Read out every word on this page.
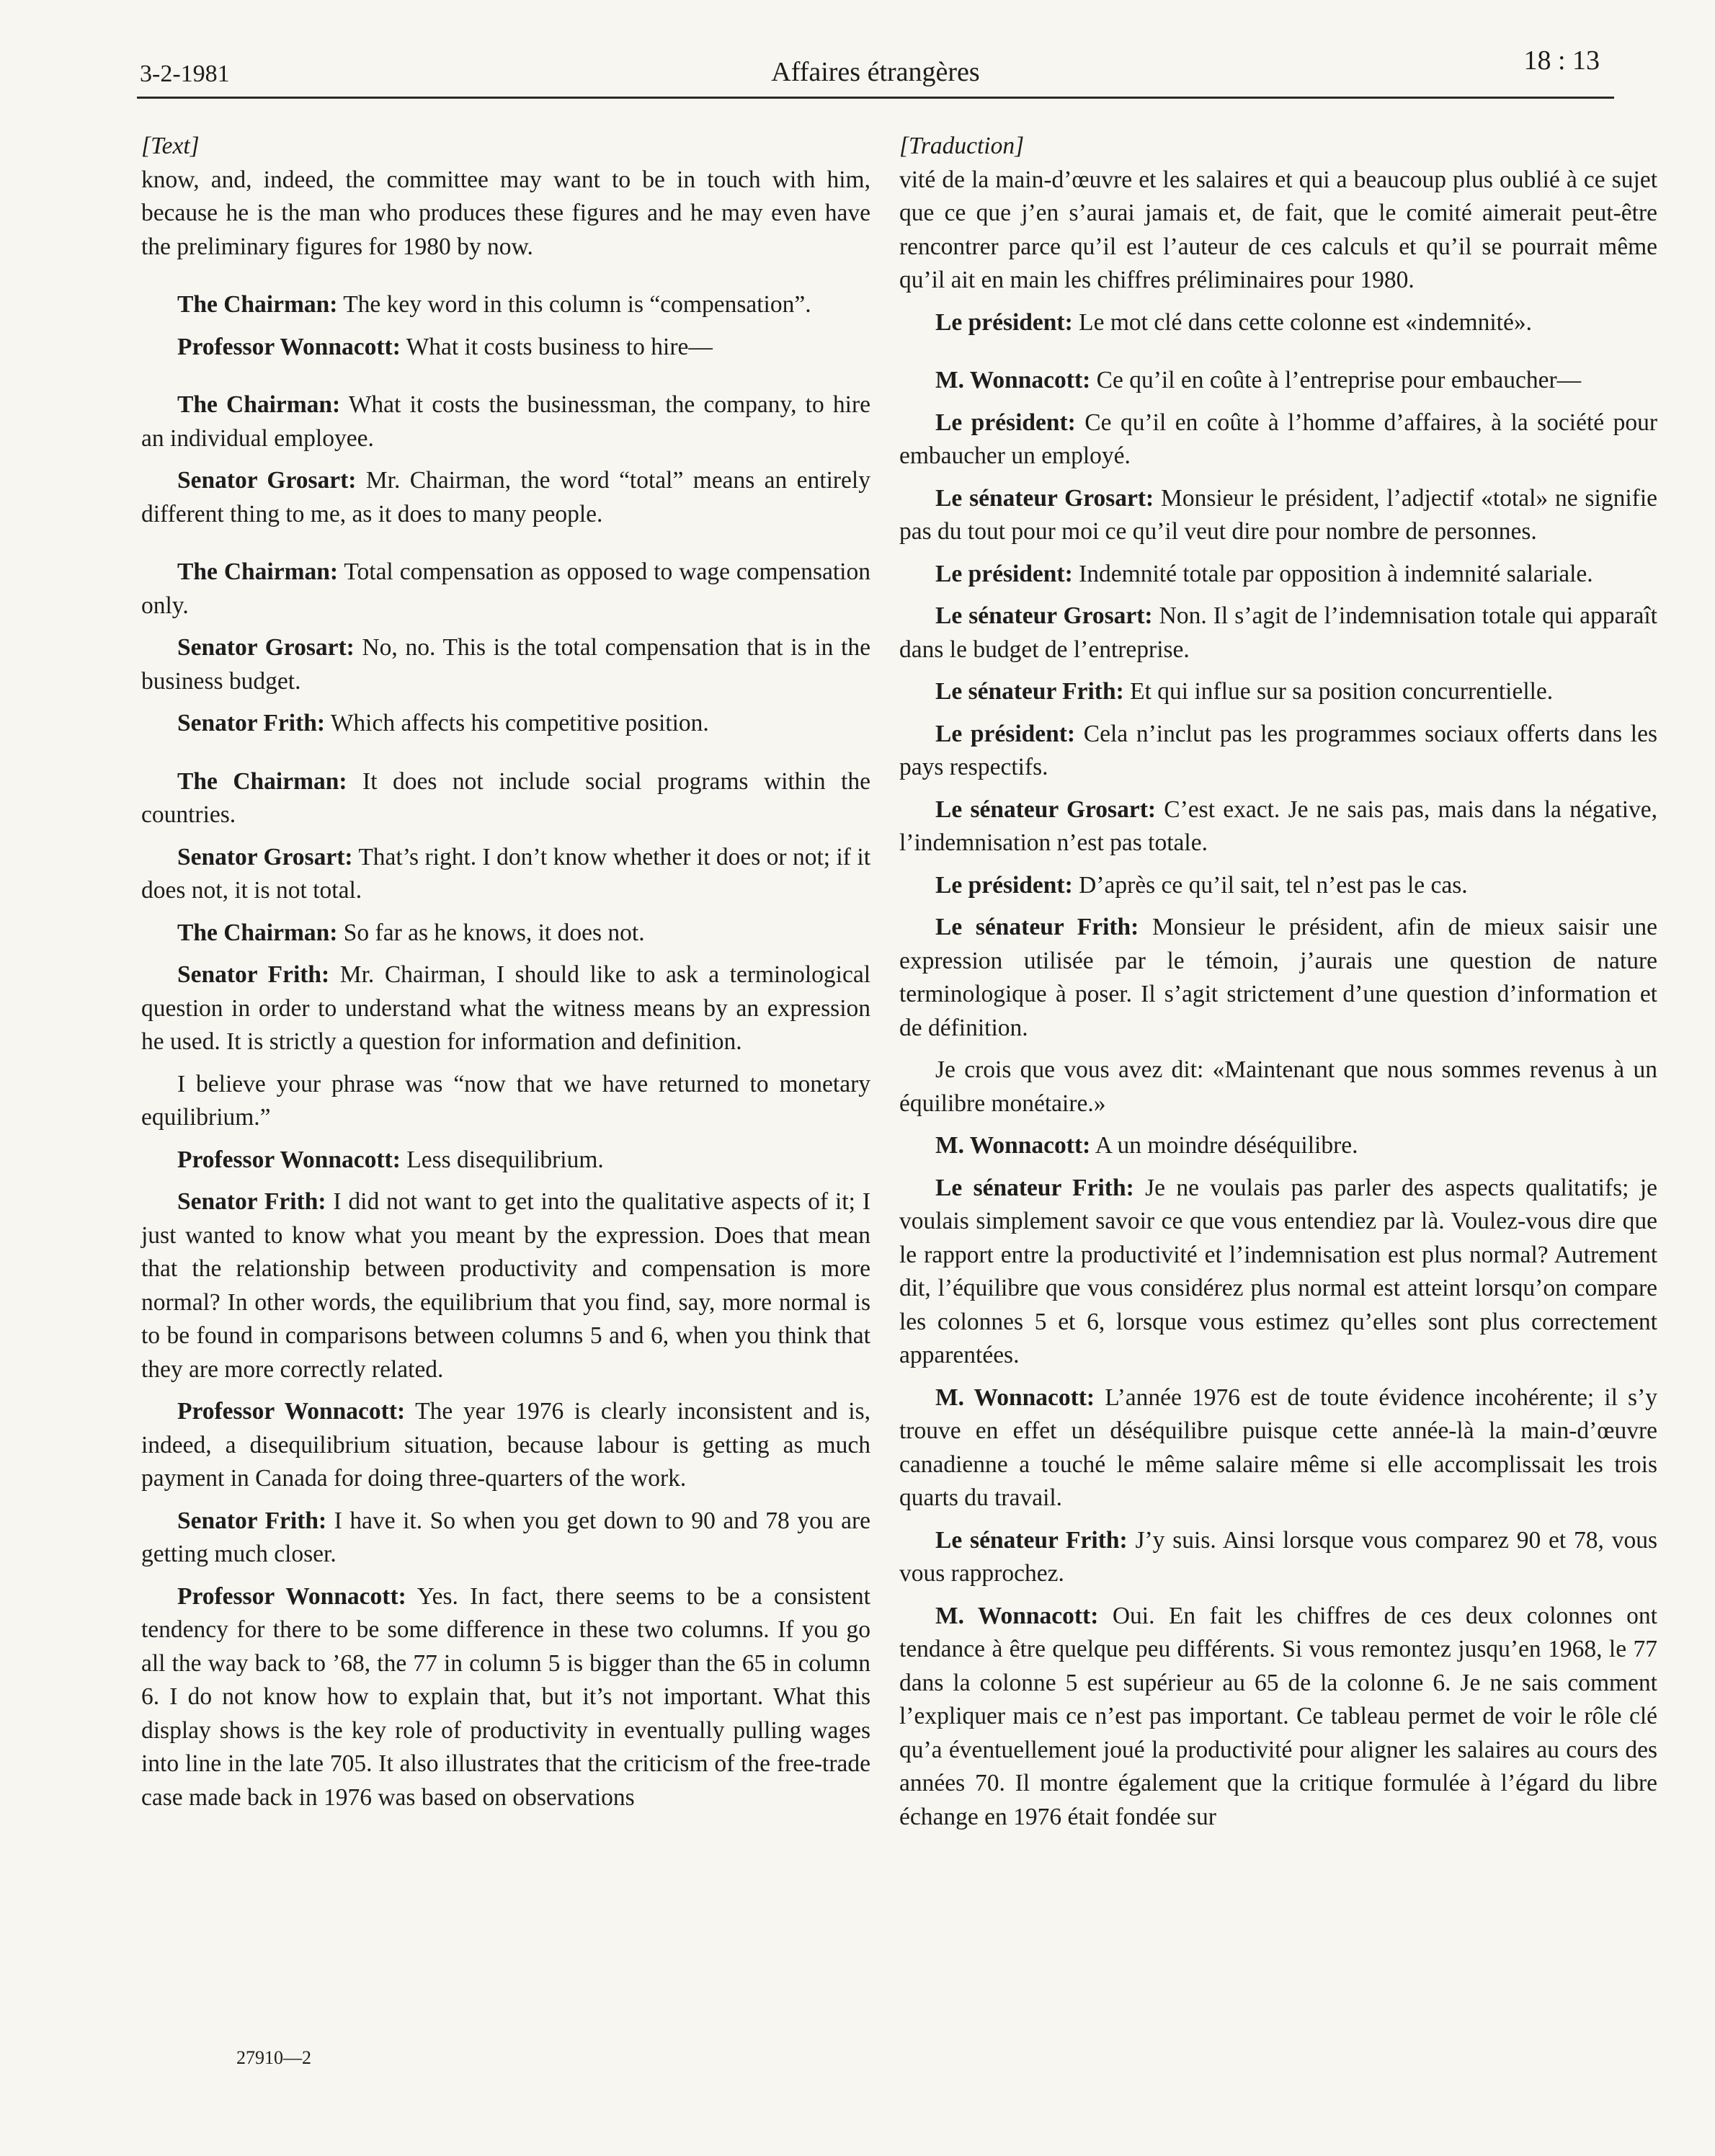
3-2-1981	Affaires étrangères	18 : 13

[Text]

know, and, indeed, the committee may want to be in touch with him, because he is the man who produces these figures and he may even have the preliminary figures for 1980 by now.

The Chairman: The key word in this column is “compensation”.

Professor Wonnacott: What it costs business to hire—

The Chairman: What it costs the businessman, the company, to hire an individual employee.

Senator Grosart: Mr. Chairman, the word “total” means an entirely different thing to me, as it does to many people.

The Chairman: Total compensation as opposed to wage compensation only.

Senator Grosart: No, no. This is the total compensation that is in the business budget.

Senator Frith: Which affects his competitive position.

The Chairman: It does not include social programs within the countries.

Senator Grosart: That’s right. I don’t know whether it does or not; if it does not, it is not total.

The Chairman: So far as he knows, it does not.

Senator Frith: Mr. Chairman, I should like to ask a terminological question in order to understand what the witness means by an expression he used. It is strictly a question for information and definition.

I believe your phrase was “now that we have returned to monetary equilibrium.”

Professor Wonnacott: Less disequilibrium.

Senator Frith: I did not want to get into the qualitative aspects of it; I just wanted to know what you meant by the expression. Does that mean that the relationship between productivity and compensation is more normal? In other words, the equilibrium that you find, say, more normal is to be found in comparisons between columns 5 and 6, when you think that they are more correctly related.

Professor Wonnacott: The year 1976 is clearly inconsistent and is, indeed, a disequilibrium situation, because labour is getting as much payment in Canada for doing three-quarters of the work.

Senator Frith: I have it. So when you get down to 90 and 78 you are getting much closer.

Professor Wonnacott: Yes. In fact, there seems to be a consistent tendency for there to be some difference in these two columns. If you go all the way back to ’68, the 77 in column 5 is bigger than the 65 in column 6. I do not know how to explain that, but it’s not important. What this display shows is the key role of productivity in eventually pulling wages into line in the late 705. It also illustrates that the criticism of the free-trade case made back in 1976 was based on observations

[Traduction]

vité de la main-d’œuvre et les salaires et qui a beaucoup plus oublié à ce sujet que ce que j’en s’aurai jamais et, de fait, que le comité aimerait peut-être rencontrer parce qu’il est l’auteur de ces calculs et qu’il se pourrait même qu’il ait en main les chiffres préliminaires pour 1980.

Le président: Le mot clé dans cette colonne est «indemnité».

M. Wonnacott: Ce qu’il en coûte à l’entreprise pour embaucher—

Le président: Ce qu’il en coûte à l’homme d’affaires, à la société pour embaucher un employé.

Le sénateur Grosart: Monsieur le président, l’adjectif «total» ne signifie pas du tout pour moi ce qu’il veut dire pour nombre de personnes.

Le président: Indemnité totale par opposition à indemnité salariale.

Le sénateur Grosart: Non. Il s’agit de l’indemnisation totale qui apparaît dans le budget de l’entreprise.

Le sénateur Frith: Et qui influe sur sa position concurrentielle.

Le président: Cela n’inclut pas les programmes sociaux offerts dans les pays respectifs.

Le sénateur Grosart: C’est exact. Je ne sais pas, mais dans la négative, l’indemnisation n’est pas totale.

Le président: D’après ce qu’il sait, tel n’est pas le cas.

Le sénateur Frith: Monsieur le président, afin de mieux saisir une expression utilisée par le témoin, j’aurais une question de nature terminologique à poser. Il s’agit strictement d’une question d’information et de définition.

Je crois que vous avez dit: «Maintenant que nous sommes revenus à un équilibre monétaire.»

M. Wonnacott: A un moindre déséquilibre.

Le sénateur Frith: Je ne voulais pas parler des aspects qualitatifs; je voulais simplement savoir ce que vous entendiez par là. Voulez-vous dire que le rapport entre la productivité et l’indemnisation est plus normal? Autrement dit, l’équilibre que vous considérez plus normal est atteint lorsqu’on compare les colonnes 5 et 6, lorsque vous estimez qu’elles sont plus correctement apparentées.

M. Wonnacott: L’année 1976 est de toute évidence incohérente; il s’y trouve en effet un déséquilibre puisque cette année-là la main-d’œuvre canadienne a touché le même salaire même si elle accomplissait les trois quarts du travail.

Le sénateur Frith: J’y suis. Ainsi lorsque vous comparez 90 et 78, vous vous rapprochez.

M. Wonnacott: Oui. En fait les chiffres de ces deux colonnes ont tendance à être quelque peu différents. Si vous remontez jusqu’en 1968, le 77 dans la colonne 5 est supérieur au 65 de la colonne 6. Je ne sais comment l’expliquer mais ce n’est pas important. Ce tableau permet de voir le rôle clé qu’a éventuellement joué la productivité pour aligner les salaires au cours des années 70. Il montre également que la critique formulée à l’égard du libre échange en 1976 était fondée sur

27910—2
